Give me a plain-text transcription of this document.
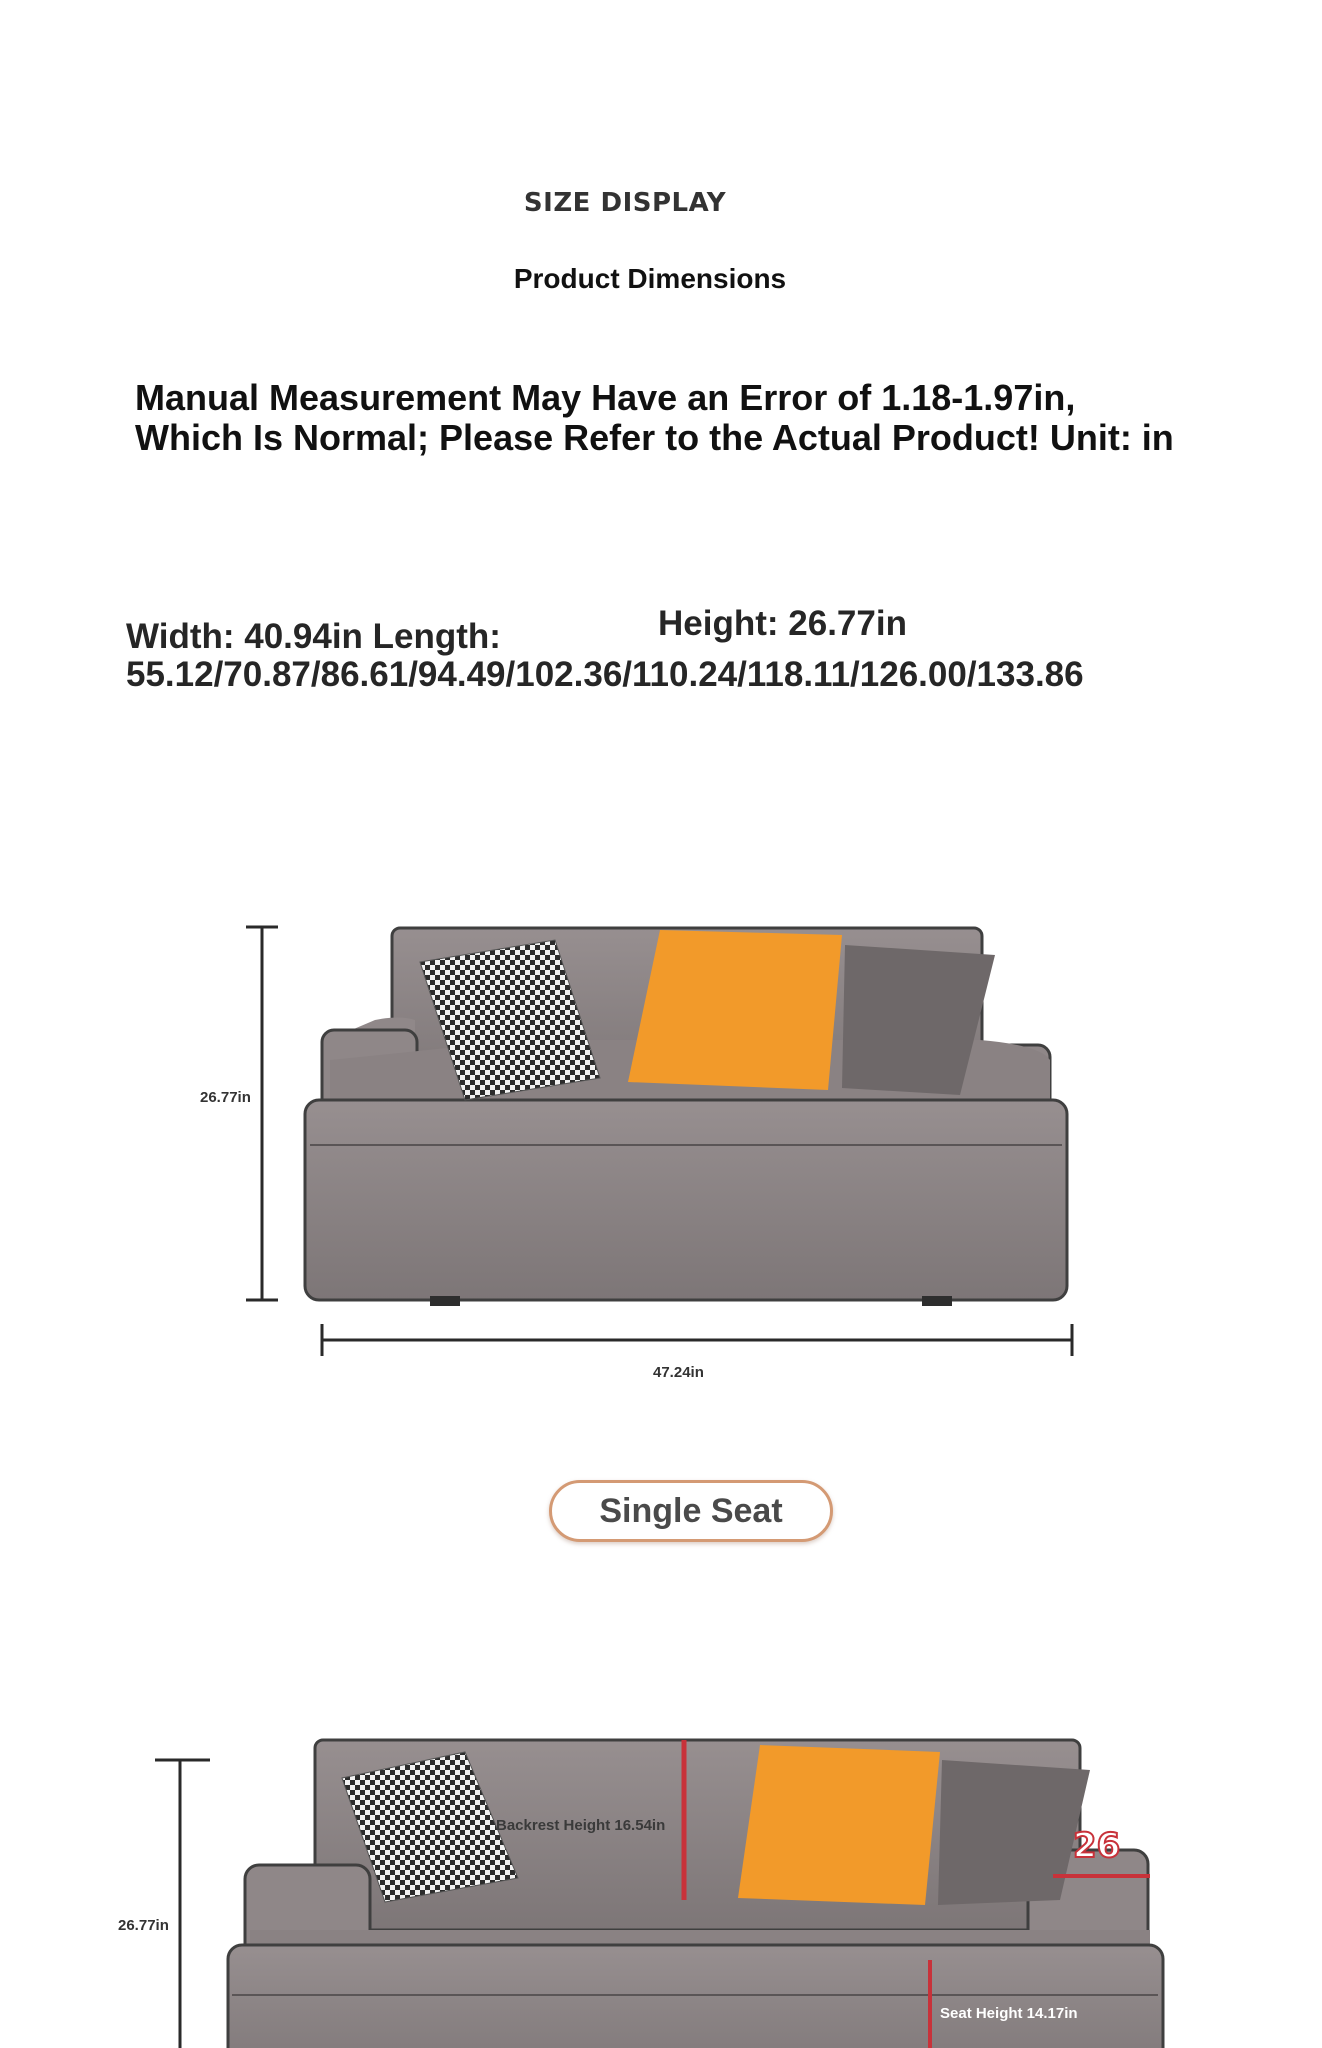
SIZE DISPLAY
Product Dimensions
Manual Measurement May Have an Error of 1.18-1.97in,
Which Is Normal; Please Refer to the Actual Product! Unit: in
Height: 26.77in
Width: 40.94in Length:
55.12/70.87/86.61/94.49/102.36/110.24/118.11/126.00/133.86
26.77in
47.24in
Single Seat
26.77in
Backrest Height 16.54in
26
Seat Height 14.17in
